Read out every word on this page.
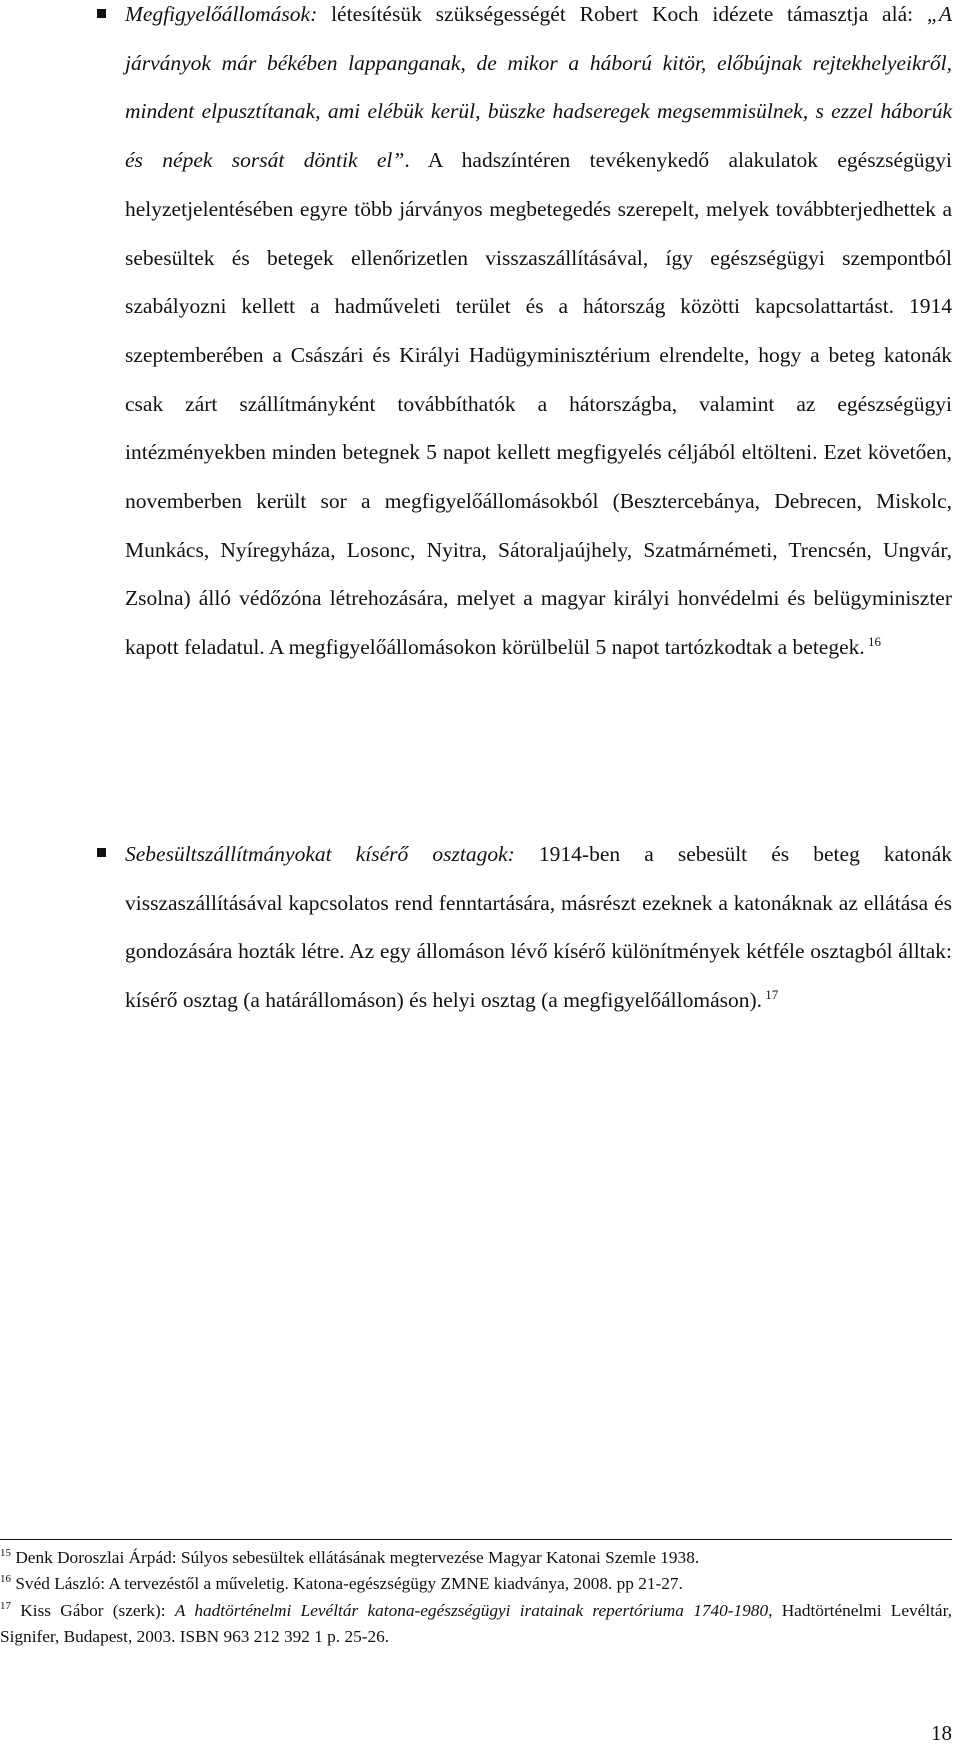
Megfigyelőállomások: létesítésük szükségességét Robert Koch idézete támasztja alá: „A járványok már békében lappanganak, de mikor a háború kitör, előbújnak rejtekhelyeikről, mindent elpusztítanak, ami elébük kerül, büszke hadseregek megsemmisülnek, s ezzel háborúk és népek sorsát döntik el”. A hadszíntéren tevékenykedő alakulatok egészségügyi helyzetjelentésében egyre több járványos megbetegedés szerepelt, melyek továbbterjedhettek a sebesültek és betegek ellenőrizetlen visszaszállításával, így egészségügyi szempontból szabályozni kellett a hadműveleti terület és a hátország közötti kapcsolattartást. 1914 szeptemberében a Császári és Királyi Hadügyminisztérium elrendelte, hogy a beteg katonák csak zárt szállítmányként továbbíthatók a hátországba, valamint az egészségügyi intézményekben minden betegnek 5 napot kellett megfigyelés céljából eltölteni. Ezet követően, novemberben került sor a megfigyelőállomásokból (Besztercebánya, Debrecen, Miskolc, Munkács, Nyíregyháza, Losonc, Nyitra, Sátoraljaújhely, Szatmárnémeti, Trencsén, Ungvár, Zsolna) álló védőzóna létrehozására, melyet a magyar királyi honvédelmi és belügyminiszter kapott feladatul. A megfigyelőállomásokon körülbelül 5 napot tartózkodtak a betegek. $^{16}$
Sebesültszállítmányokat kísérő osztagok: 1914-ben a sebesült és beteg katonák visszaszállításával kapcsolatos rend fenntartására, másrészt ezeknek a katonáknak az ellátása és gondozására hozták létre. Az egy állomáson lévő kísérő különítmények kétféle osztagból álltak: kísérő osztag (a határállomáson) és helyi osztag (a megfigyelőállomáson). $^{17}$
$^{15}$ Denk Doroszlai Árpád: Súlyos sebesültek ellátásának megtervezése Magyar Katonai Szemle 1938.
$^{16}$ Svéd László: A tervezéstől a műveletig. Katona-egészségügy ZMNE kiadványa, 2008. pp 21-27.
$^{17}$ Kiss Gábor (szerk): A hadtörténelmi Levéltár katona-egészségügyi iratainak repertóriuma 1740-1980, Hadtörténelmi Levéltár, Signifer, Budapest, 2003. ISBN 963 212 392 1 p. 25-26.
18
